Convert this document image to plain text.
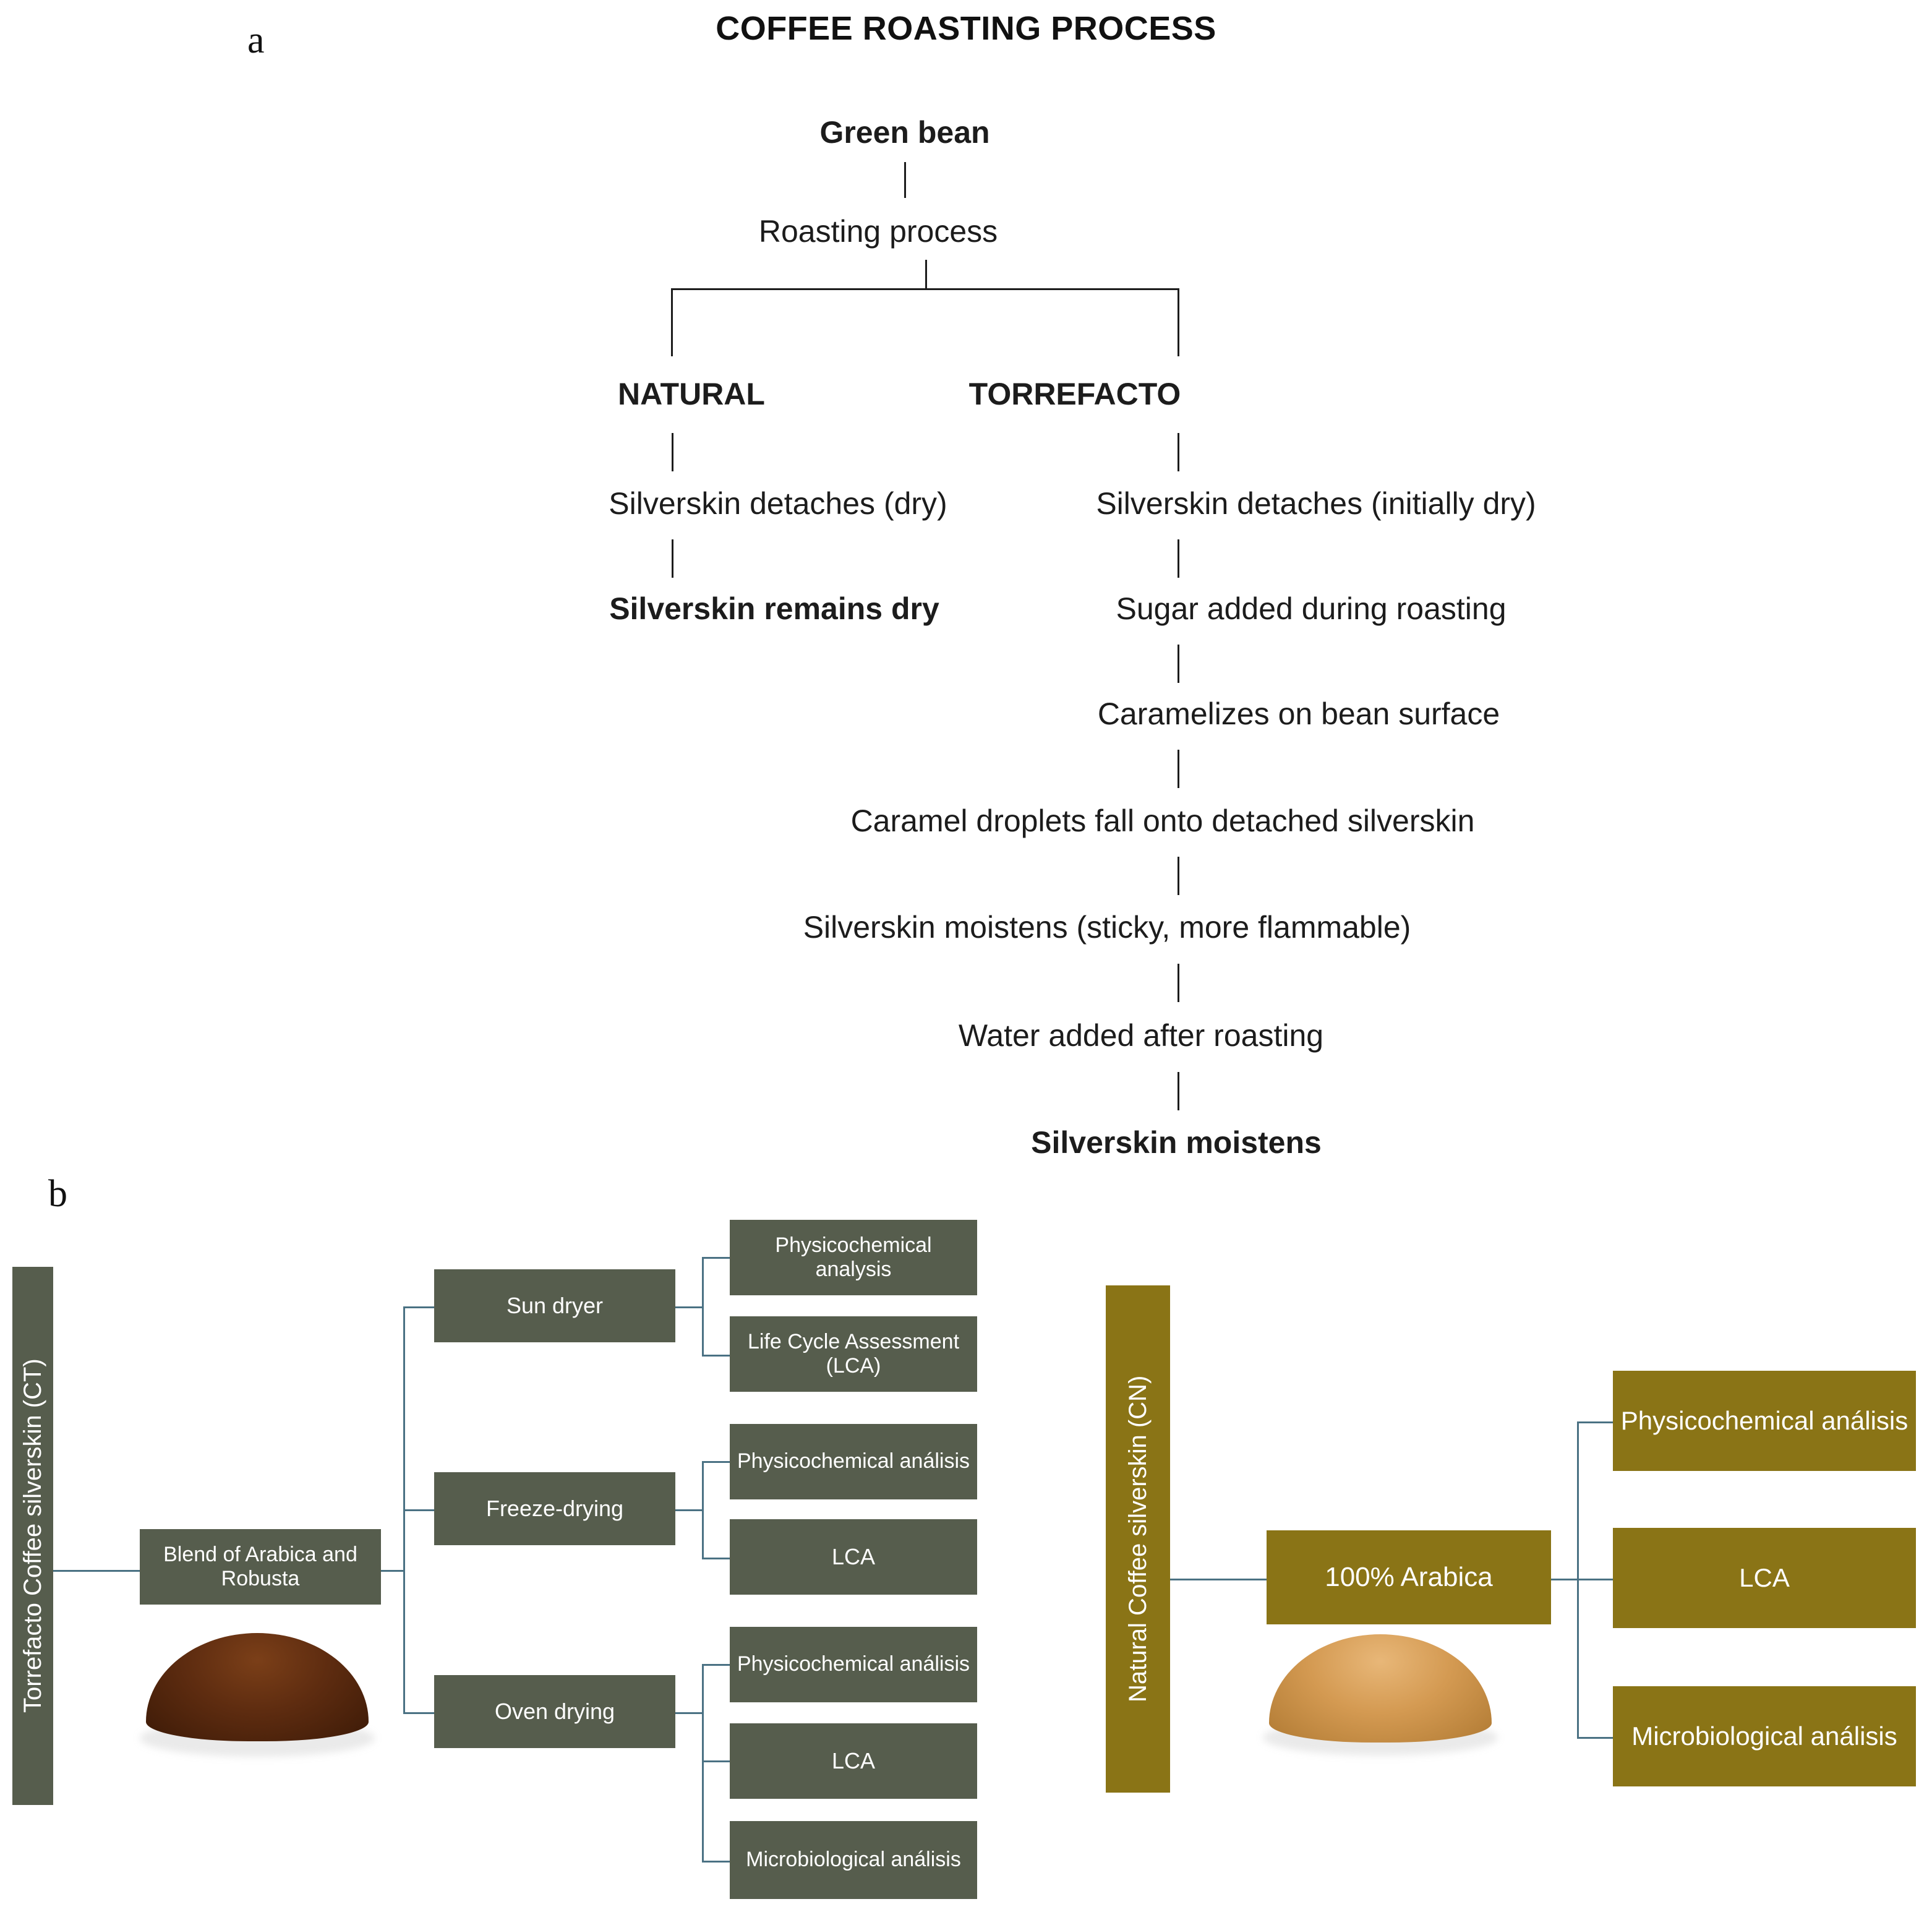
a	COFFEE ROASTING PROCESS
Green bean
Roasting process
NATURAL
Silverskin detaches (dry)
Silverskin remains dry
TORREFACTO
Silverskin detaches (initially dry)
Sugar added during roasting
Caramelizes on bean surface
Caramel droplets fall onto detached silverskin
Silverskin moistens (sticky, more flammable)
Water added after roasting
Silverskin moistens
b
Torrefacto Coffee silverskin (CT)	Blend of Arabica and Robusta
Sun dryer
Physicochemical analysis
Life Cycle Assessment (LCA)
Freeze-drying
Physicochemical análisis
LCA
Oven drying
Physicochemical análisis
LCA
Microbiological análisis
Natural Coffee silverskin (CN)	100% Arabica
Physicochemical análisis
LCA
Microbiological análisis
